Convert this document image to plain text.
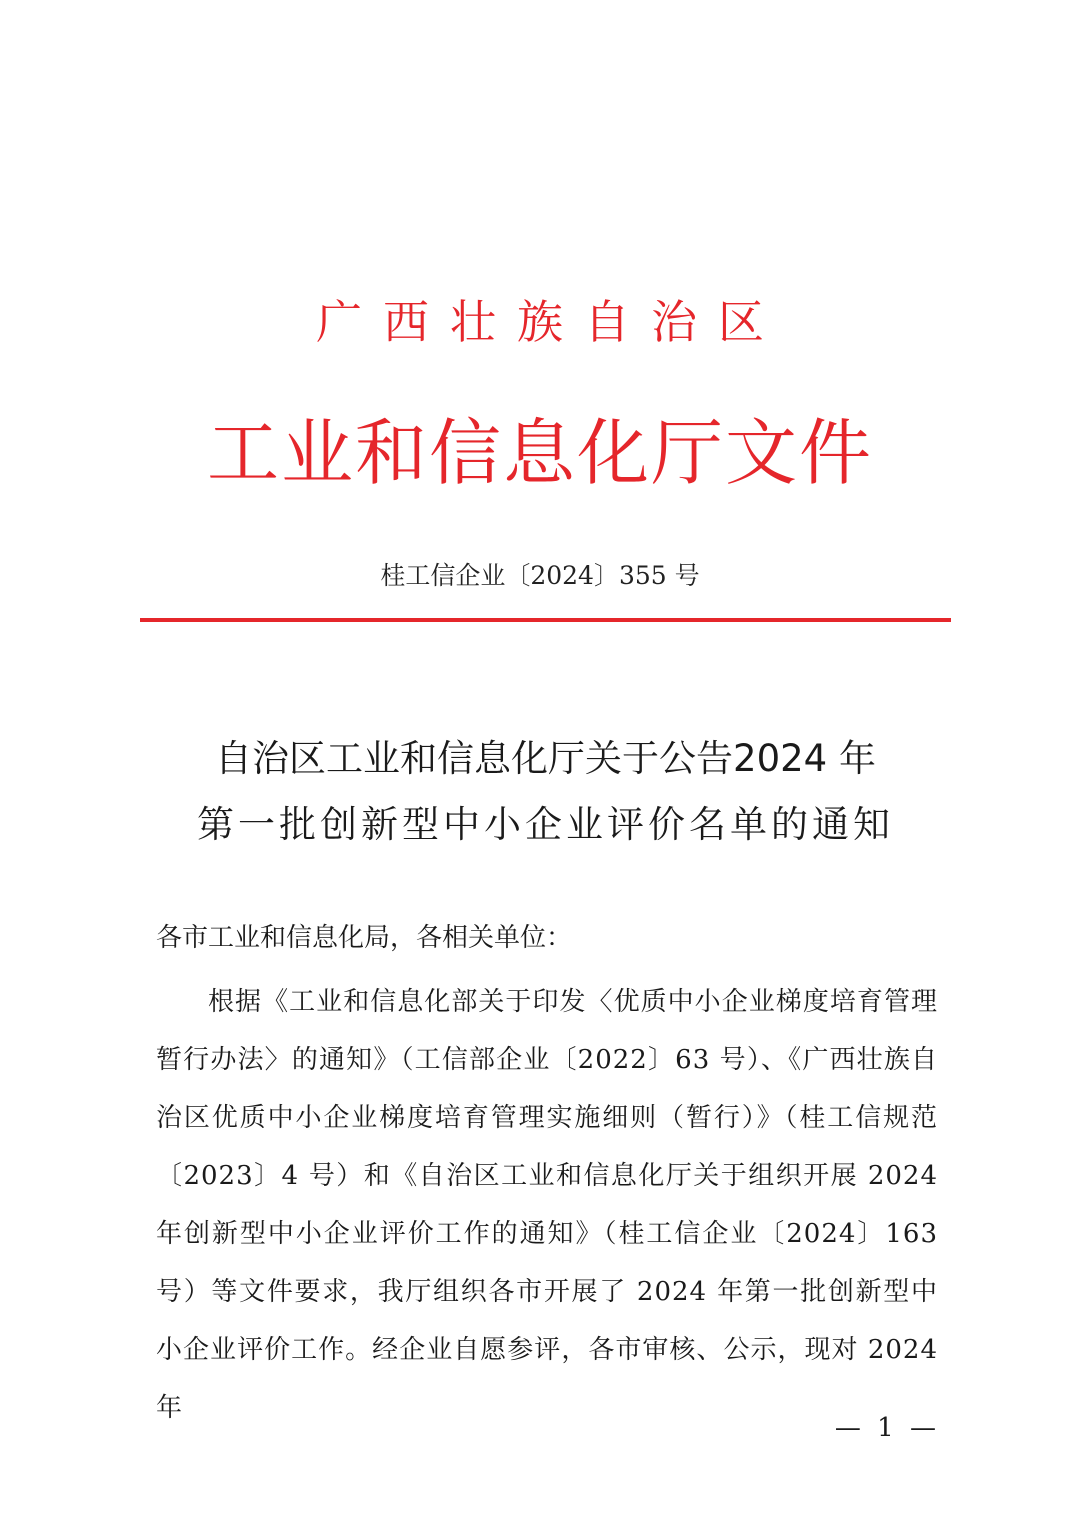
广西壮族自治区
工业和信息化厅文件
桂工信企业〔2024〕355 号
自治区工业和信息化厅关于公告2024 年
第一批创新型中小企业评价名单的通知
各市工业和信息化局，各相关单位：
根据《工业和信息化部关于印发〈优质中小企业梯度培育管理暂行办法〉的通知》（工信部企业〔2022〕63 号）、《广西壮族自治区优质中小企业梯度培育管理实施细则（暂行）》（桂工信规范〔2023〕4 号）和《自治区工业和信息化厅关于组织开展 2024 年创新型中小企业评价工作的通知》（桂工信企业〔2024〕163 号）等文件要求，我厅组织各市开展了 2024 年第一批创新型中小企业评价工作。经企业自愿参评，各市审核、公示，现对 2024 年
— 1 —
